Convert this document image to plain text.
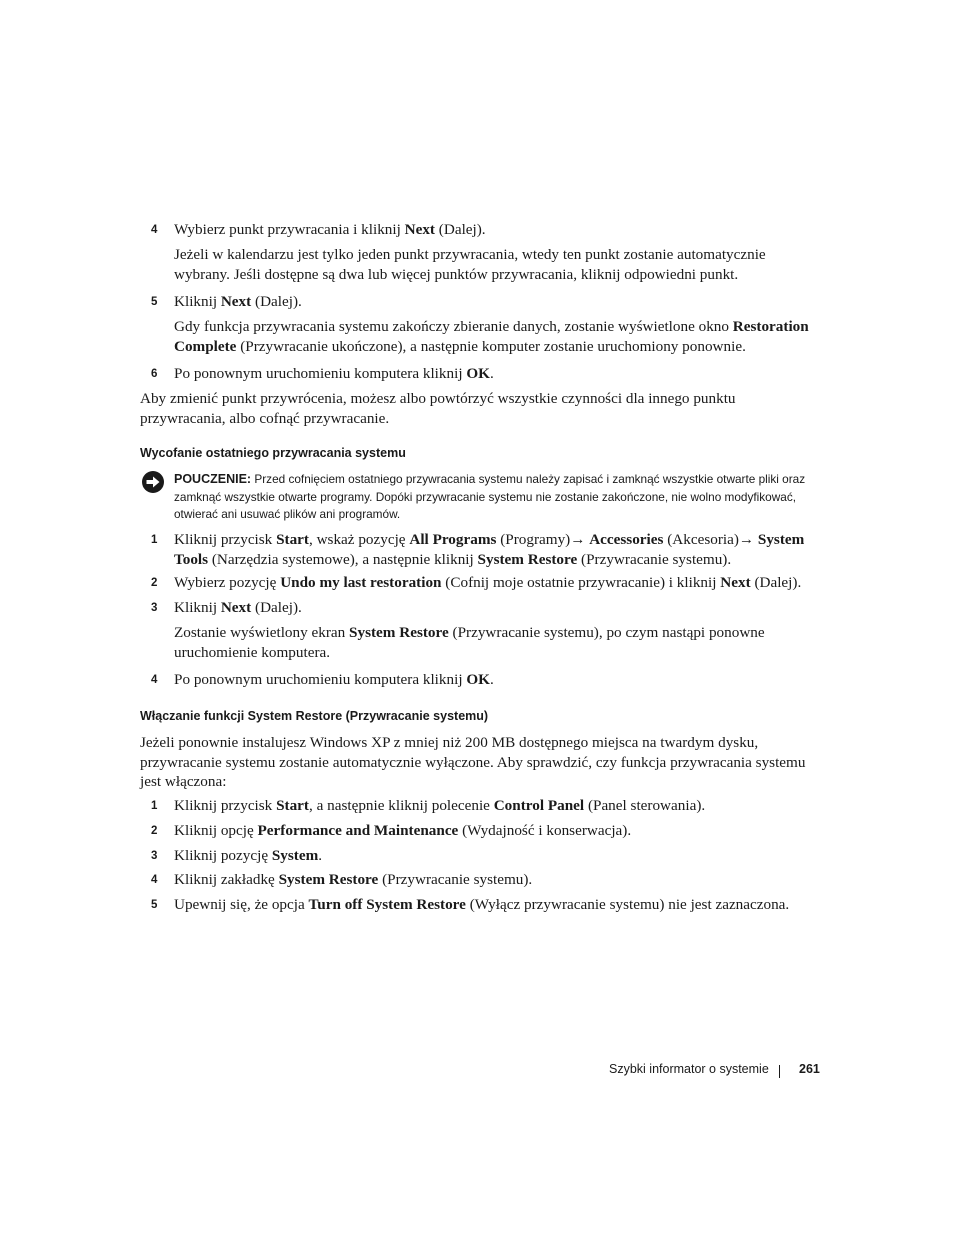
4 Wybierz punkt przywracania i kliknij Next (Dalej).
Jeżeli w kalendarzu jest tylko jeden punkt przywracania, wtedy ten punkt zostanie automatycznie wybrany. Jeśli dostępne są dwa lub więcej punktów przywracania, kliknij odpowiedni punkt.
5 Kliknij Next (Dalej).
Gdy funkcja przywracania systemu zakończy zbieranie danych, zostanie wyświetlone okno Restoration Complete (Przywracanie ukończone), a następnie komputer zostanie uruchomiony ponownie.
6 Po ponownym uruchomieniu komputera kliknij OK.
Aby zmienić punkt przywrócenia, możesz albo powtórzyć wszystkie czynności dla innego punktu przywracania, albo cofnąć przywracanie.
Wycofanie ostatniego przywracania systemu
POUCZENIE: Przed cofnięciem ostatniego przywracania systemu należy zapisać i zamknąć wszystkie otwarte pliki oraz zamknąć wszystkie otwarte programy. Dopóki przywracanie systemu nie zostanie zakończone, nie wolno modyfikować, otwierać ani usuwać plików ani programów.
1 Kliknij przycisk Start, wskaż pozycję All Programs (Programy)→ Accessories (Akcesoria)→ System Tools (Narzędzia systemowe), a następnie kliknij System Restore (Przywracanie systemu).
2 Wybierz pozycję Undo my last restoration (Cofnij moje ostatnie przywracanie) i kliknij Next (Dalej).
3 Kliknij Next (Dalej).
Zostanie wyświetlony ekran System Restore (Przywracanie systemu), po czym nastąpi ponowne uruchomienie komputera.
4 Po ponownym uruchomieniu komputera kliknij OK.
Włączanie funkcji System Restore (Przywracanie systemu)
Jeżeli ponownie instalujesz Windows XP z mniej niż 200 MB dostępnego miejsca na twardym dysku, przywracanie systemu zostanie automatycznie wyłączone. Aby sprawdzić, czy funkcja przywracania systemu jest włączona:
1 Kliknij przycisk Start, a następnie kliknij polecenie Control Panel (Panel sterowania).
2 Kliknij opcję Performance and Maintenance (Wydajność i konserwacja).
3 Kliknij pozycję System.
4 Kliknij zakładkę System Restore (Przywracanie systemu).
5 Upewnij się, że opcja Turn off System Restore (Wyłącz przywracanie systemu) nie jest zaznaczona.
Szybki informator o systemie 261
